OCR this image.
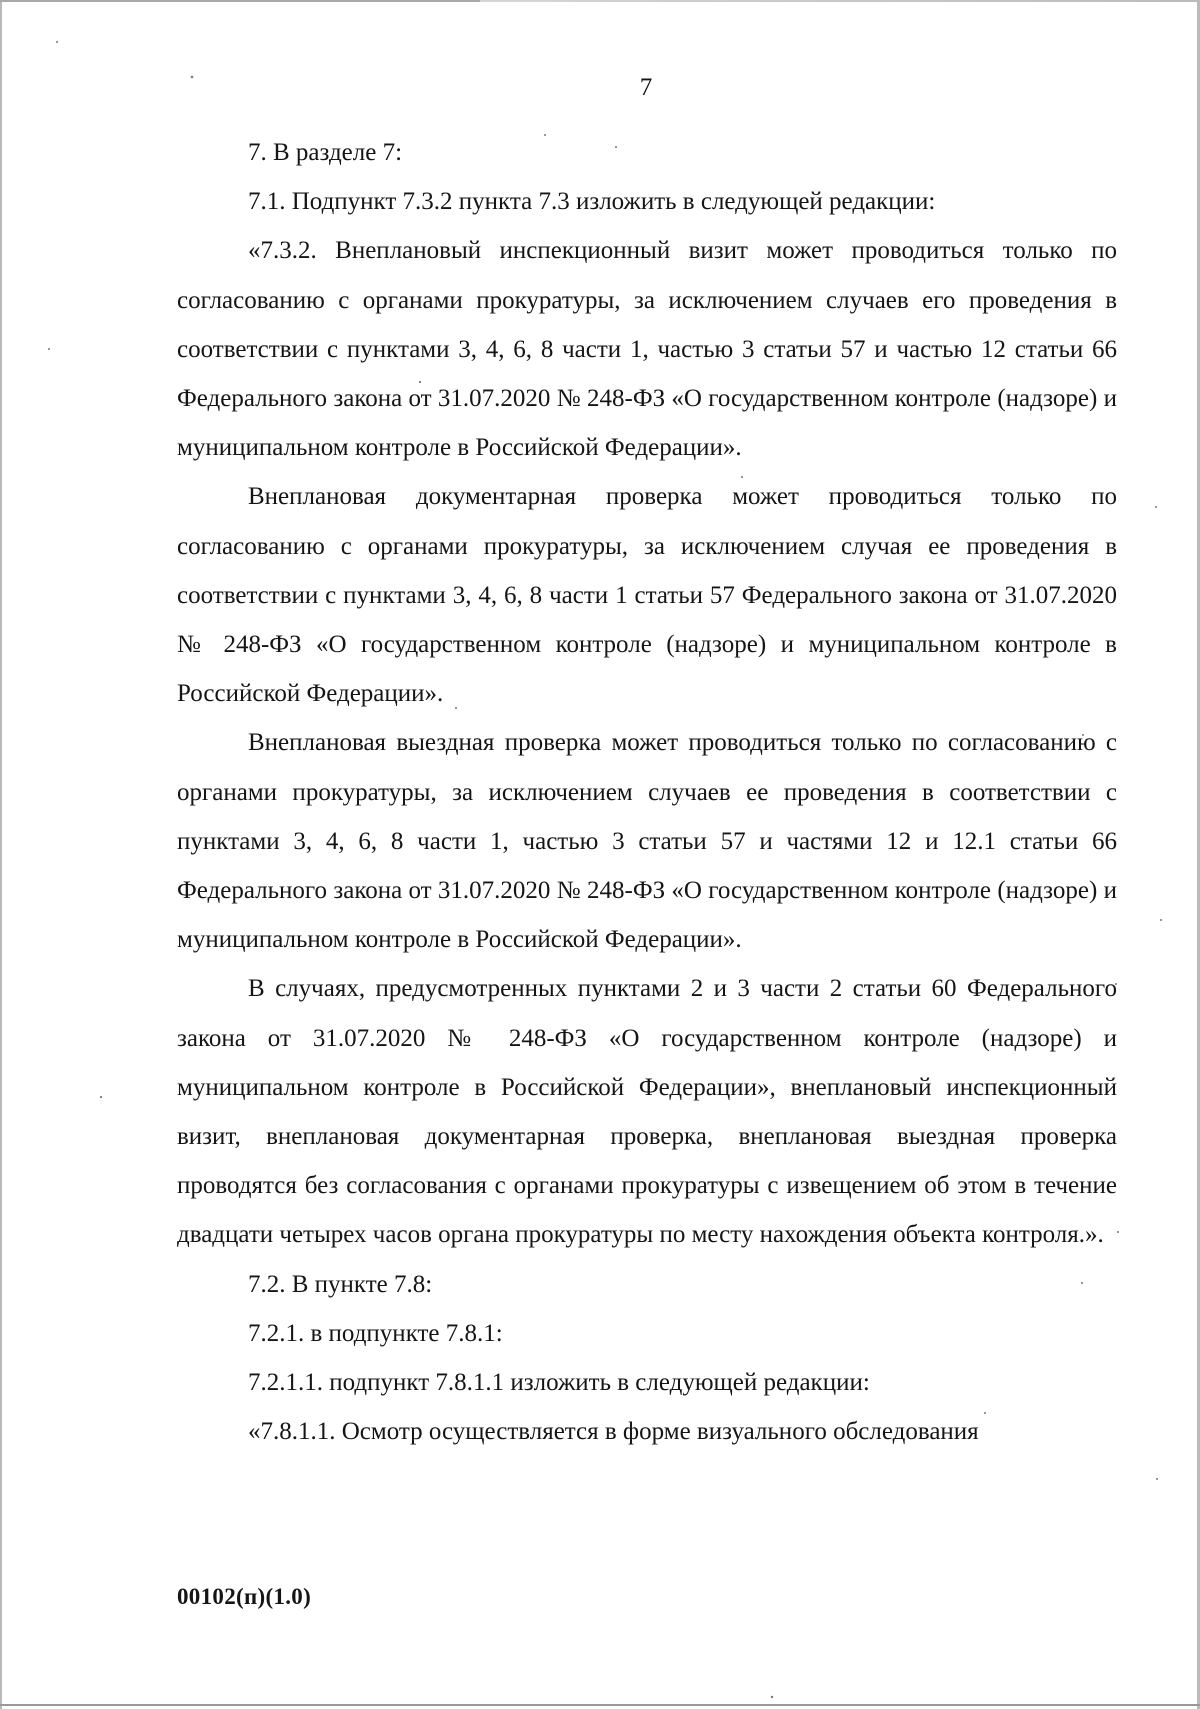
7

7. В разделе 7:

7.1. Подпункт 7.3.2 пункта 7.3 изложить в следующей редакции:

«7.3.2. Внеплановый инспекционный визит может проводиться только по согласованию с органами прокуратуры, за исключением случаев его проведения в соответствии с пунктами 3, 4, 6, 8 части 1, частью 3 статьи 57 и частью 12 статьи 66 Федерального закона от 31.07.2020 № 248-ФЗ «О государственном контроле (надзоре) и муниципальном контроле в Российской Федерации».

Внеплановая документарная проверка может проводиться только по согласованию с органами прокуратуры, за исключением случая ее проведения в соответствии с пунктами 3, 4, 6, 8 части 1 статьи 57 Федерального закона от 31.07.2020 № 248-ФЗ «О государственном контроле (надзоре) и муниципальном контроле в Российской Федерации».

Внеплановая выездная проверка может проводиться только по согласованию с органами прокуратуры, за исключением случаев ее проведения в соответствии с пунктами 3, 4, 6, 8 части 1, частью 3 статьи 57 и частями 12 и 12.1 статьи 66 Федерального закона от 31.07.2020 № 248-ФЗ «О государственном контроле (надзоре) и муниципальном контроле в Российской Федерации».

В случаях, предусмотренных пунктами 2 и 3 части 2 статьи 60 Федерального закона от 31.07.2020 № 248-ФЗ «О государственном контроле (надзоре) и муниципальном контроле в Российской Федерации», внеплановый инспекционный визит, внеплановая документарная проверка, внеплановая выездная проверка проводятся без согласования с органами прокуратуры с извещением об этом в течение двадцати четырех часов органа прокуратуры по месту нахождения объекта контроля.».

7.2. В пункте 7.8:

7.2.1. в подпункте 7.8.1:

7.2.1.1. подпункт 7.8.1.1 изложить в следующей редакции:

«7.8.1.1. Осмотр осуществляется в форме визуального обследования

00102(п)(1.0)
